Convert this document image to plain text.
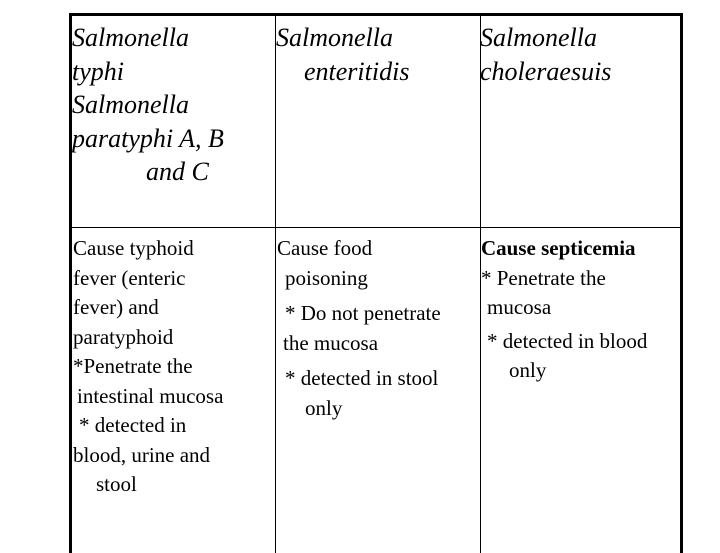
Salmonella
typhi
Salmonella
paratyphi A, B
and C
Salmonella
enteritidis
Salmonella
choleraesuis
Cause typhoid
fever (enteric
fever) and
paratyphoid
*Penetrate the
intestinal mucosa
* detected in
blood, urine and
stool
Cause food
poisoning
* Do not penetrate
the mucosa
* detected in stool
only
Cause septicemia
* Penetrate the
mucosa
* detected in blood
only
